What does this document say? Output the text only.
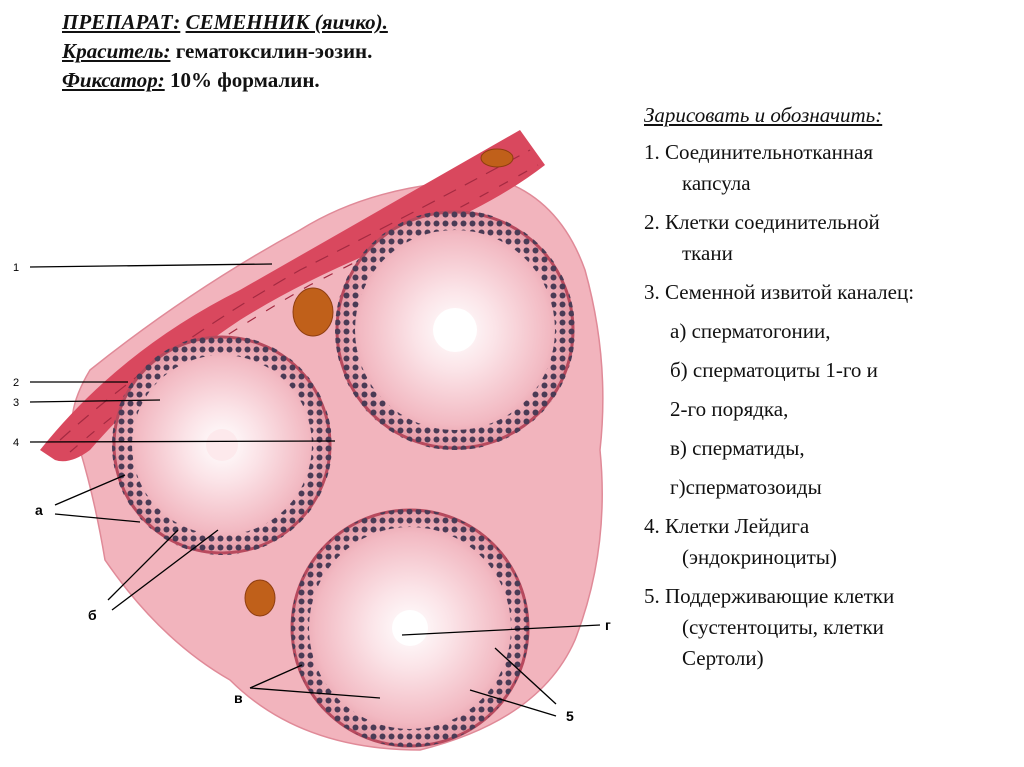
ПРЕПАРАТ: СЕМЕННИК (яичко).
Краситель: гематоксилин-эозин.
Фиксатор: 10% формалин.
1
2
3
4
а
б
в
г
5
Зарисовать и обозначить:
1. Соединительнотканная
капсула
2. Клетки соединительной
ткани
3. Семенной извитой каналец:
а) сперматогонии,
б) сперматоциты 1-го и
2-го порядка,
в) сперматиды,
г)сперматозоиды
4. Клетки Лейдига
(эндокриноциты)
5. Поддерживающие клетки
(сустентоциты, клетки
Сертоли)
